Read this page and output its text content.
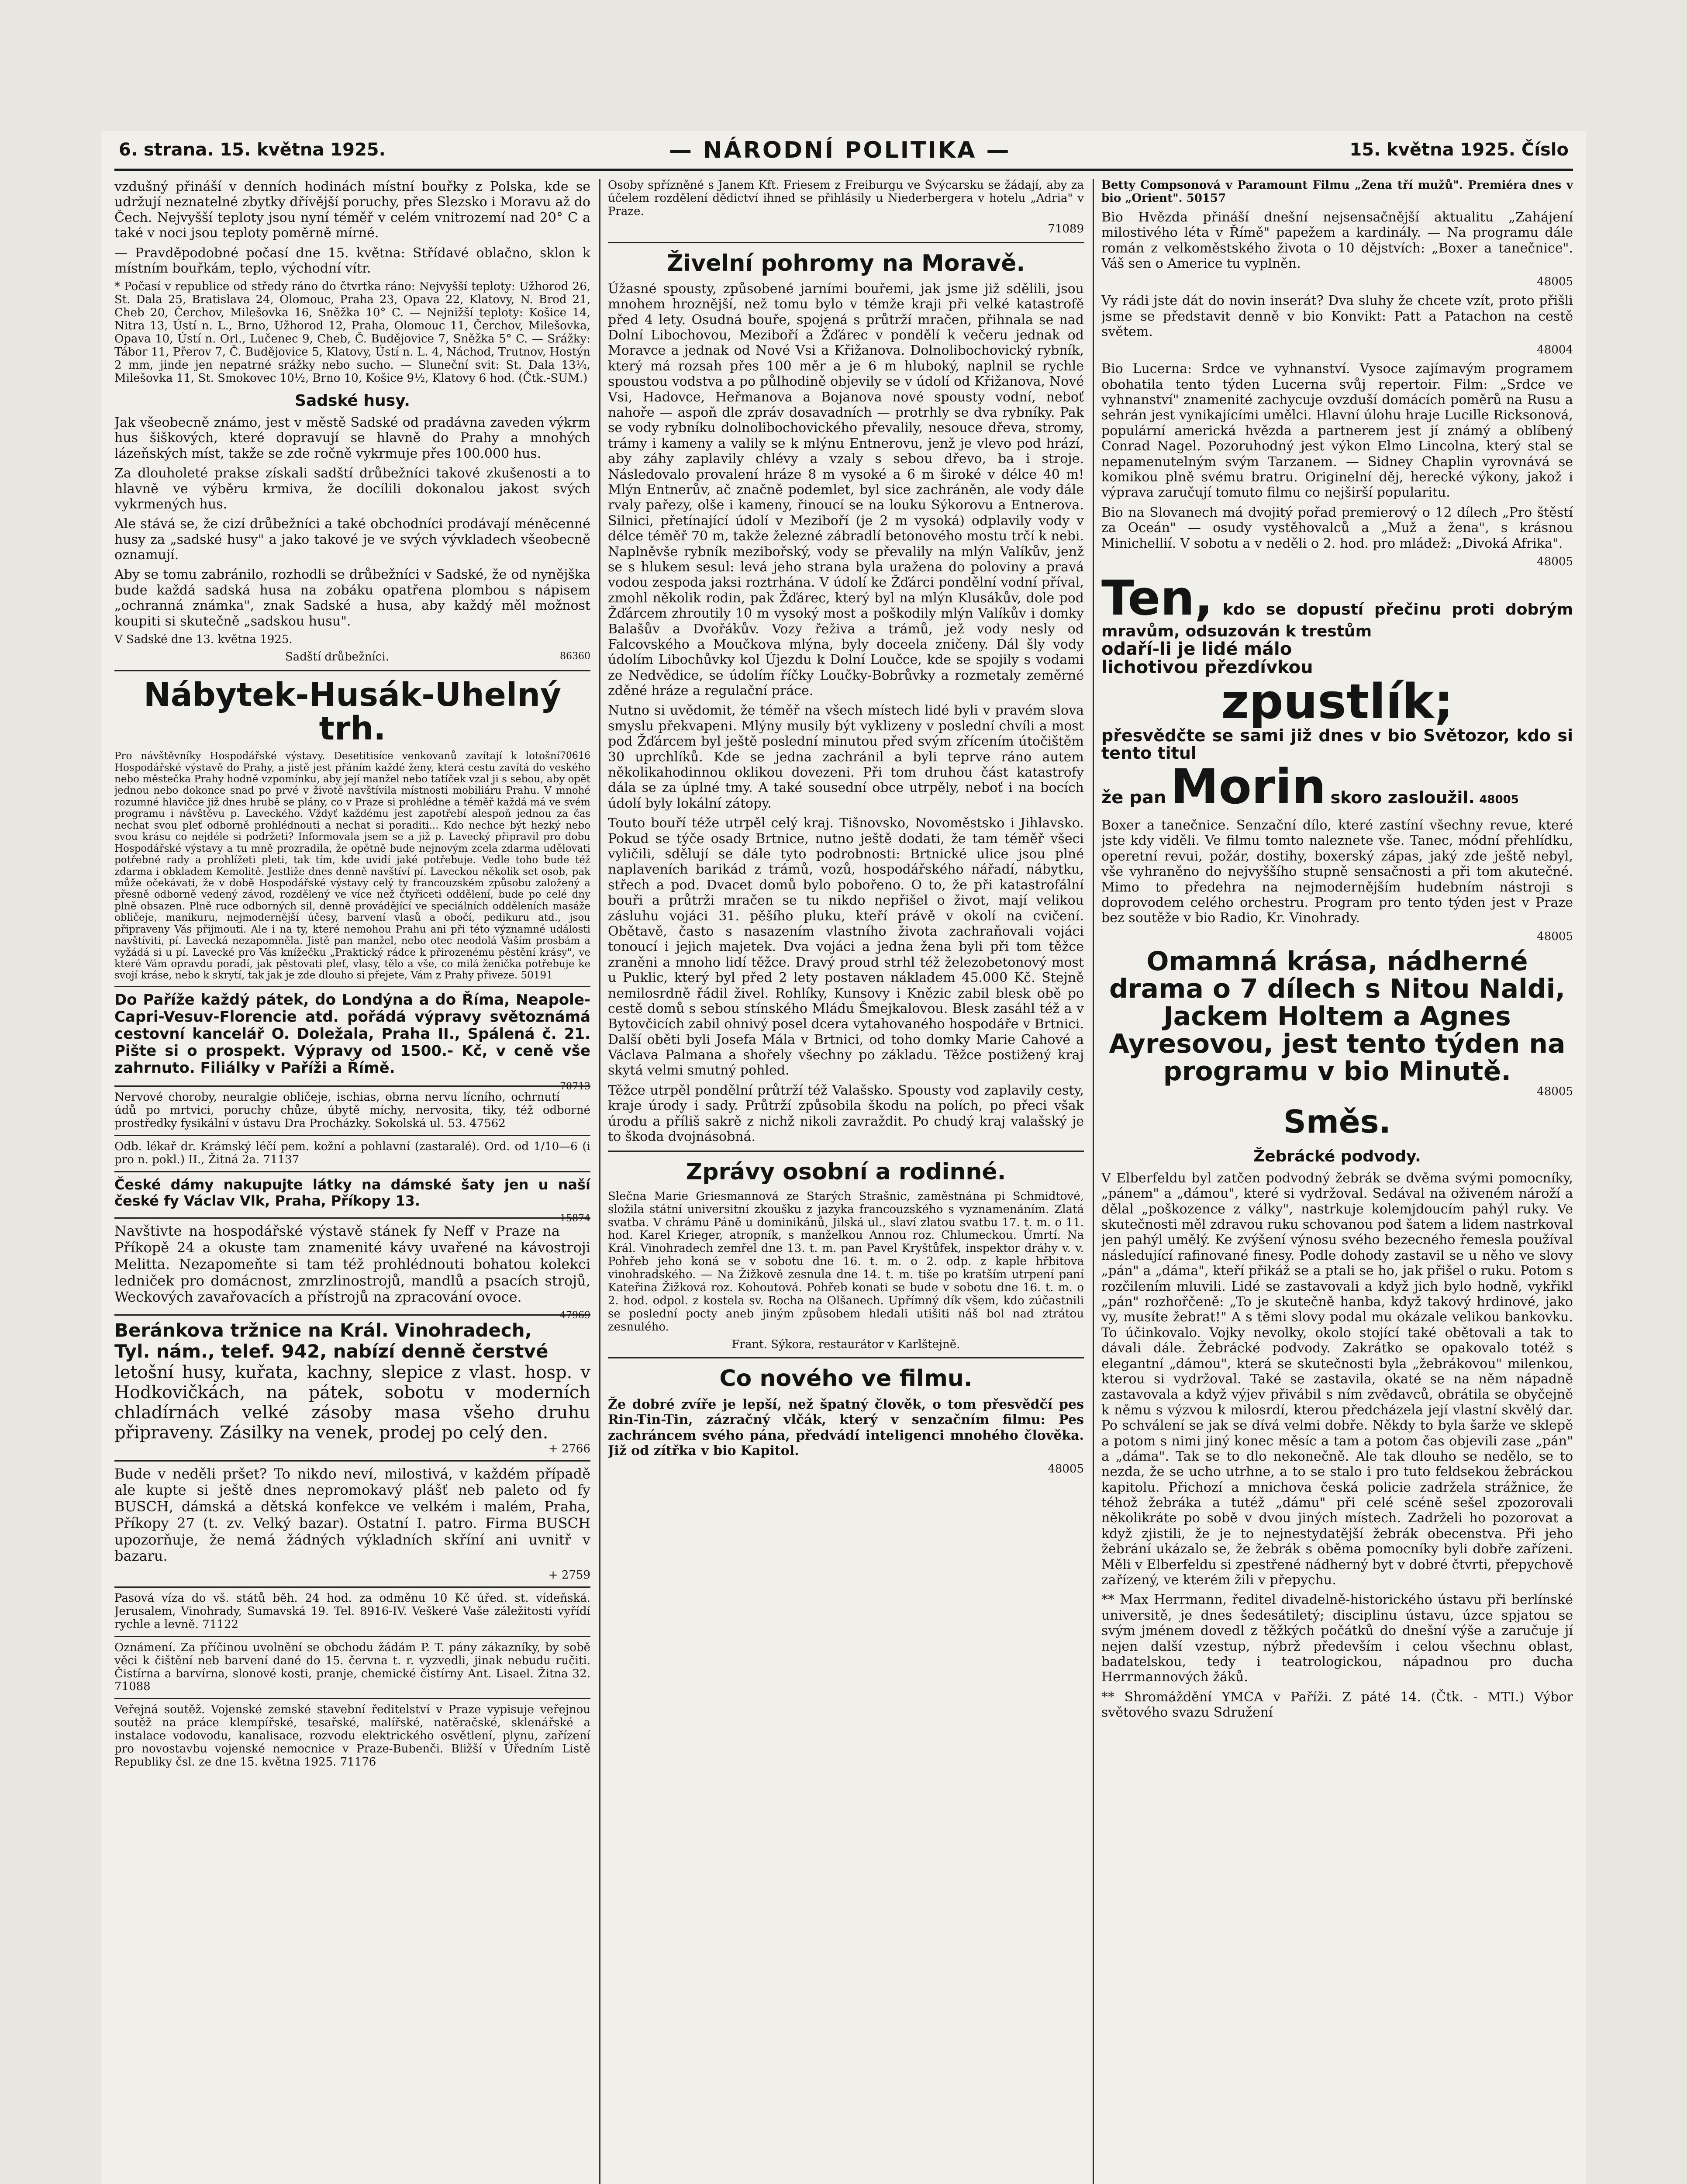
6. strana. 15. května 1925.	— NÁRODNÍ POLITIKA —	15. května 1925. Číslo

vzdušný přináší v denních hodinách místní bouřky z Polska, kde se udržují neznatelné zbytky dřívější poruchy, přes Slezsko i Moravu až do Čech. Nejvyšší teploty jsou nyní téměř v celém vnitrozemí nad 20° C a také v noci jsou teploty poměrně mírné.

— Pravděpodobné počasí dne 15. května: Střídavé oblačno, sklon k místním bouřkám, teplo, východní vítr.

* Počasí v republice od středy ráno do čtvrtka ráno: Nejvyšší teploty: Užhorod 26, St. Dala 25, Bratislava 24, Olomouc, Praha 23, Opava 22, Klatovy, N. Brod 21, Cheb 20, Čerchov, Milešovka 16, Sněžka 10° C. — Nejnižší teploty: Košice 14, Nitra 13, Ústí n. L., Brno, Užhorod 12, Praha, Olomouc 11, Čerchov, Milešovka, Opava 10, Ústí n. Orl., Lučenec 9, Cheb, Č. Budějovice 7, Sněžka 5° C. — Srážky: Tábor 11, Přerov 7, Č. Budějovice 5, Klatovy, Ústí n. L. 4, Náchod, Trutnov, Hostýn 2 mm, jinde jen nepatrné srážky nebo sucho. — Sluneční svit: St. Dala 13¼, Milešovka 11, St. Smokovec 10½, Brno 10, Košice 9½, Klatovy 6 hod. (Čtk.-SUM.)

Sadské husy.

Jak všeobecně známo, jest v městě Sadské od pradávna zaveden výkrm hus šiškových, které dopravují se hlavně do Prahy a mnohých lázeňských míst, takže se zde ročně vykrmuje přes 100.000 hus.

Za dlouholeté prakse získali sadští drůbežníci takové zkušenosti a to hlavně ve výběru krmiva, že docílili dokonalou jakost svých vykrmených hus.

Ale stává se, že cizí drůbežníci a také obchodníci prodávají méněcenné husy za „sadské husy" a jako takové je ve svých vývkladech všeobecně oznamují.

Aby se tomu zabránilo, rozhodli se drůbežníci v Sadské, že od nynějška bude každá sadská husa na zobáku opatřena plombou s nápisem „ochranná známka", znak Sadské a husa, aby každý měl možnost koupiti si skutečně „sadskou husu".

V Sadské dne 13. května 1925.

Sadští drůbežníci.	86360

Nábytek-Husák-Uhelný trh.

70616

Pro návštěvníky Hospodářské výstavy. Desetitisíce venkovanů zavítají k lotošní Hospodářské výstavě do Prahy, a jistě jest přáním každé ženy, která cestu zavítá do veského nebo městečka Prahy hodně vzpomínku, aby její manžel nebo tatíček vzal ji s sebou, aby opět jednou nebo dokonce snad po prvé v životě navštívila místnosti mobiliáru Prahu. V mnohé rozumné hlavičce již dnes hrubě se plány, co v Praze si prohlédne a téměř každá má ve svém programu i návštěvu p. Laveckého. Vždyť každému jest zapotřebí alespoň jednou za čas nechat svou pleť odborně prohlédnouti a nechat si poraditi... Kdo nechce být hezký nebo svou krásu co nejdéle si podržeti? Informovala jsem se a již p. Lavecký připravil pro dobu Hospodářské výstavy a tu mně prozradila, že opětně bude nejnovým zcela zdarma udělovati potřebné rady a prohlížeti pleti, tak tím, kde uvidí jaké potřebuje. Vedle toho bude též zdarma i obkladem Kemolitě. Jestliže dnes denně navštíví pí. Laveckou několik set osob, pak může očekávati, že v době Hospodářské výstavy celý ty francouzském způsobu založený a přesně odborně vedený závod, rozdělený ve více než čtyřiceti oddělení, bude po celé dny plně obsazen. Plně ruce odborných sil, denně provádějící ve speciálních odděleních masáže obličeje, manikuru, nejmodernější účesy, barvení vlasů a obočí, pedikuru atd., jsou připraveny Vás přijmouti. Ale i na ty, které nemohou Prahu ani při této významné události navštíviti, pí. Lavecká nezapomněla. Jistě pan manžel, nebo otec neodolá Vaším prosbám a vyžádá si u pí. Lavecké pro Vás knížečku „Praktický rádce k přirozenému pěstění krásy", ve které Vám opravdu poradí, jak pěstovati pleť, vlasy, tělo a vše, co milá ženička potřebuje ke svojí kráse, nebo k skrytí, tak jak je zde dlouho si přejete, Vám z Prahy přiveze. 50191

Do Paříže každý pátek, do Londýna a do Říma, Neapole-Capri-Vesuv-Florencie atd. pořádá výpravy světoznámá cestovní kancelář O. Doležala, Praha II., Spálená č. 21. Pište si o prospekt. Výpravy od 1500.- Kč, v ceně vše zahrnuto. Filiálky v Paříži a Římě.

70713

Nervové choroby, neuralgie obličeje, ischias, obrna nervu lícního, ochrnutí údů po mrtvici, poruchy chůze, úbytě míchy, nervosita, tiky, též odborné prostředky fysikální v ústavu Dra Procházky. Sokolská ul. 53. 47562
Odb. lékař dr. Krámský léčí pem. kožní a pohlavní (zastaralé). Ord. od 1/10—6 (i pro n. pokl.) II., Žitná 2a. 71137
České dámy nakupujte látky na dámské šaty jen u naší české fy Václav Vlk, Praha, Příkopy 13.

15874

Navštivte na hospodářské výstavě stánek fy Neff v Praze na Příkopě 24 a okuste tam znamenité kávy uvařené na kávostroji Melitta. Nezapomeňte si tam též prohlédnouti bohatou kolekci ledniček pro domácnost, zmrzlinostrojů, mandlů a psacích strojů, Weckových zavařovacích a přístrojů na zpracování ovoce.

47969

Beránkova tržnice na Král. Vinohradech,
Tyl. nám., telef. 942, nabízí denně čerstvé
letošní husy, kuřata, kachny, slepice z vlast. hosp. v Hodkovičkách, na pátek, sobotu v moderních chladírnách velké zásoby masa všeho druhu připraveny. Zásilky na venek, prodej po celý den.
+ 2766
Bude v neděli pršet? To nikdo neví, milostivá, v každém případě ale kupte si ještě dnes nepromokavý plášť neb paleto od fy BUSCH, dámská a dětská konfekce ve velkém i malém, Praha, Příkopy 27 (t. zv. Velký bazar). Ostatní I. patro. Firma BUSCH upozorňuje, že nemá žádných výkladních skříní ani uvnitř v bazaru.

+ 2759

Pasová víza do vš. států běh. 24 hod. za odměnu 10 Kč úřed. st. vídeňská. Jerusalem, Vinohrady, Sumavská 19. Tel. 8916-IV. Veškeré Vaše záležitosti vyřídí rychle a levně. 71122
Oznámení. Za příčinou uvolnění se obchodu žádám P. T. pány zákazníky, by sobě věci k čištění neb barvení dané do 15. června t. r. vyzvedli, jinak nebudu ručiti. Čistírna a barvírna, slonové kosti, pranje, chemické čistírny Ant. Lisael. Žitna 32. 71088
Veřejná soutěž. Vojenské zemské stavební ředitelství v Praze vypisuje veřejnou soutěž na práce klempířské, tesařské, malířské, natěračské, sklenářské a instalace vodovodu, kanalisace, rozvodu elektrického osvětlení, plynu, zařízení pro novostavbu vojenské nemocnice v Praze-Bubenči. Bližší v Úředním Listě Republiky čsl. ze dne 15. května 1925. 71176

Osoby spřízněné s Janem Kft. Friesem z Freiburgu ve Švýcarsku se žádají, aby za účelem rozdělení dědictví ihned se přihlásily u Niederbergera v hotelu „Adria" v Praze.

71089

Živelní pohromy na Moravě.

Úžasné spousty, způsobené jarními bouřemi, jak jsme již sdělili, jsou mnohem hroznější, než tomu bylo v témže kraji při velké katastrofě před 4 lety. Osudná bouře, spojená s průtrží mračen, přihnala se nad Dolní Libochovou, Meziboří a Žďárec v pondělí k večeru jednak od Moravce a jednak od Nové Vsi a Křižanova. Dolnolibochovický rybník, který má rozsah přes 100 měr a je 6 m hluboký, naplnil se rychle spoustou vodstva a po půlhodině objevily se v údolí od Křižanova, Nové Vsi, Hadovce, Heřmanova a Bojanova nové spousty vodní, neboť nahoře — aspoň dle zpráv dosavadních — protrhly se dva rybníky. Pak se vody rybníku dolnolibochovického převalily, nesouce dřeva, stromy, trámy i kameny a valily se k mlýnu Entnerovu, jenž je vlevo pod hrází, aby záhy zaplavily chlévy a vzaly s sebou dřevo, ba i stroje. Následovalo provalení hráze 8 m vysoké a 6 m široké v délce 40 m! Mlýn Entnerův, ač značně podemlet, byl sice zachráněn, ale vody dále rvaly pařezy, olše i kameny, řinoucí se na louku Sýkorovu a Entnerova. Silnici, přetínající údolí v Meziboří (je 2 m vysoká) odplavily vody v délce téměř 70 m, takže železné zábradlí betonového mostu trčí k nebi. Naplněvše rybník mezibořský, vody se převalily na mlýn Valíkův, jenž se s hlukem sesul: levá jeho strana byla uražena do poloviny a pravá vodou zespoda jaksi roztrhána. V údolí ke Žďárci pondělní vodní příval, zmohl několik rodin, pak Žďárec, který byl na mlýn Klusákův, dole pod Žďárcem zhroutily 10 m vysoký most a poškodily mlýn Valíkův i domky Balašův a Dvořákův. Vozy řeživa a trámů, jež vody nesly od Falcovského a Moučkova mlýna, byly doceela zničeny. Dál šly vody údolím Libochůvky kol Újezdu k Dolní Loučce, kde se spojily s vodami ze Nedvědice, se údolím říčky Loučky-Bobrůvky a rozmetaly zeměrné zděné hráze a regulační práce.

Nutno si uvědomit, že téměř na všech místech lidé byli v pravém slova smyslu překvapeni. Mlýny musily být vyklizeny v poslední chvíli a most pod Žďárcem byl ještě poslední minutou před svým zřícením útočištěm 30 uprchlíků. Kde se jedna zachránil a byli teprve ráno autem několikahodinnou oklikou dovezeni. Při tom druhou část katastrofy dála se za úplné tmy. A také sousední obce utrpěly, neboť i na bocích údolí byly lokální zátopy.

Touto bouří téže utrpěl celý kraj. Tišnovsko, Novoměstsko i Jihlavsko. Pokud se týče osady Brtnice, nutno ještě dodati, že tam téměř všeci vyličili, sdělují se dále tyto podrobnosti: Brtnické ulice jsou plné naplaveních barikád z trámů, vozů, hospodářského nářadí, nábytku, střech a pod. Dvacet domů bylo pobořeno. O to, že při katastrofální bouři a průtrži mračen se tu nikdo nepřišel o život, mají velikou zásluhu vojáci 31. pěšího pluku, kteří právě v okolí na cvičení. Obětavě, často s nasazením vlastního života zachraňovali vojáci tonoucí i jejich majetek. Dva vojáci a jedna žena byli při tom těžce zraněni a mnoho lidí těžce. Dravý proud strhl též železobetonový most u Puklic, který byl před 2 lety postaven nákladem 45.000 Kč. Stejně nemilosrdně řádil živel. Rohlíky, Kunsovy i Knězic zabil blesk obě po cestě domů s sebou stínského Mládu Šmejkalovou. Blesk zasáhl též a v Bytovčicích zabil ohnivý posel dcera vytahovaného hospodáře v Brtnici. Další oběti byli Josefa Mála v Brtnici, od toho domky Marie Cahové a Václava Palmana a shořely všechny po základu. Těžce postižený kraj skytá velmi smutný pohled.

Těžce utrpěl pondělní průtrží též Valašsko. Spousty vod zaplavily cesty, kraje úrody i sady. Průtrží způsobila škodu na polích, po přeci však úrodu a příliš sakrě z nichž nikoli zavraždit. Po chudý kraj valašský je to škoda dvojnásobná.

Zprávy osobní a rodinné.

Slečna Marie Griesmannová ze Starých Strašnic, zaměstnána pi Schmidtové, složila státní universitní zkoušku z jazyka francouzského s vyznamenáním. Zlatá svatba. V chrámu Páně u dominikánů, Jilská ul., slaví zlatou svatbu 17. t. m. o 11. hod. Karel Krieger, atropník, s manželkou Annou roz. Chlumeckou. Úmrtí. Na Král. Vinohradech zemřel dne 13. t. m. pan Pavel Kryštůfek, inspektor dráhy v. v. Pohřeb jeho koná se v sobotu dne 16. t. m. o 2. odp. z kaple hřbitova vinohradského. — Na Žižkově zesnula dne 14. t. m. tiše po kratším utrpení paní Kateřina Žižková roz. Kohoutová. Pohřeb konati se bude v sobotu dne 16. t. m. o 2. hod. odpol. z kostela sv. Rocha na Olšanech. Upřímný dík všem, kdo zúčastnili se poslední pocty aneb jiným způsobem hledali utišiti náš bol nad ztrátou zesnulého.

Frant. Sýkora, restaurátor v Karlštejně.

Co nového ve filmu.

Že dobré zvíře je lepší, než špatný člověk, o tom přesvědčí pes Rin-Tin-Tin, zázračný vlčák, který v senzačním filmu: Pes zachráncem svého pána, předvádí inteligenci mnohého člověka. Již od zítřka v bio Kapitol.

48005

Betty Compsonová v Paramount Filmu „Žena tří mužů". Premiéra dnes v bio „Orient". 50157

Bio Hvězda přináší dnešní nejsensačnější aktualitu „Zahájení milostivého léta v Římě" papežem a kardinály. — Na programu dále román z velkoměstského života o 10 dějstvích: „Boxer a tanečnice". Váš sen o Americe tu vyplněn.

48005

Vy rádi jste dát do novin inserát? Dva sluhy že chcete vzít, proto přišli jsme se představit denně v bio Konvikt: Patt a Patachon na cestě světem.

48004

Bio Lucerna: Srdce ve vyhnanství. Vysoce zajímavým programem obohatila tento týden Lucerna svůj repertoir. Film: „Srdce ve vyhnanství" znamenité zachycuje ovzduší domácích poměrů na Rusu a sehrán jest vynikajícími umělci. Hlavní úlohu hraje Lucille Ricksonová, populární americká hvězda a partnerem jest jí známý a oblíbený Conrad Nagel. Pozoruhodný jest výkon Elmo Lincolna, který stal se nepamenutelným svým Tarzanem. — Sidney Chaplin vyrovnává se komikou plně svému bratru. Originelní děj, herecké výkony, jakož i výprava zaručují tomuto filmu co nejširší popularitu.

Bio na Slovanech má dvojitý pořad premierový o 12 dílech „Pro štěstí za Oceán" — osudy vystěhovalců a „Muž a žena", s krásnou Minichellií. V sobotu a v neděli o 2. hod. pro mládež: „Divoká Afrika".

48005

Ten, kdo se dopustí přečinu proti dobrým mravům, odsuzován k trestům
odaří-li je lidé málo
lichotivou přezdívkou
zpustlík;
přesvědčte se sami již dnes v bio Světozor, kdo si tento titul
že pan Morin skoro zasloužil. 48005

Boxer a tanečnice. Senzační dílo, které zastíní všechny revue, které jste kdy viděli. Ve filmu tomto naleznete vše. Tanec, módní přehlídku, operetní revui, požár, dostihy, boxerský zápas, jaký zde ještě nebyl, vše vyhraněno do nejvyššího stupně sensačnosti a při tom akutečné. Mimo to předehra na nejmodernějším hudebním nástroji s doprovodem celého orchestru. Program pro tento týden jest v Praze bez soutěže v bio Radio, Kr. Vinohrady.

48005

Omamná krása, nádherné drama o 7 dílech s Nitou Naldi, Jackem Holtem a Agnes Ayresovou, jest tento týden na programu v bio Minutě.

48005

Směs.
Žebrácké podvody.

V Elberfeldu byl zatčen podvodný žebrák se dvěma svými pomocníky, „pánem" a „dámou", které si vydržoval. Sedával na oživeném nároží a dělal „poškozence z války", nastrkuje kolemjdoucím pahýl ruky. Ve skutečnosti měl zdravou ruku schovanou pod šatem a lidem nastrkoval jen pahýl umělý. Ke zvýšení výnosu svého bezecného řemesla používal následující rafinované finesy. Podle dohody zastavil se u něho ve slovy „pán" a „dáma", kteří přikáž se a ptali se ho, jak přišel o ruku. Potom s rozčilením mluvili. Lidé se zastavovali a když jich bylo hodně, vykřikl „pán" rozhořčeně: „To je skutečně hanba, když takový hrdinové, jako vy, musíte žebrat!" A s těmi slovy podal mu okázale velikou bankovku. To účinkovalo. Vojky nevolky, okolo stojící také obětovali a tak to dávali dále. Žebrácké podvody. Zakrátko se opakovalo totéž s elegantní „dámou", která se skutečnosti byla „žebrákovou" milenkou, kterou si vydržoval. Také se zastavila, okaté se na něm nápadně zastavovala a když výjev přivábil s ním zvědavců, obrátila se obyčejně k němu s výzvou k milosrdí, kterou předcházela její vlastní skvělý dar. Po schválení se jak se dívá velmi dobře. Někdy to byla šarže ve sklepě a potom s nimi jiný konec měsíc a tam a potom čas objevili zase „pán" a „dáma". Tak se to dlo nekonečně. Ale tak dlouho se nedělo, se to nezda, že se ucho utrhne, a to se stalo i pro tuto feldsekou žebráckou kapitolu. Přichozí a mnichova česká policie zadržela strážnice, že téhož žebráka a tutéž „dámu" při celé scéně sešel zpozorovali několikráte po sobě v dvou jiných místech. Zadrželi ho pozorovat a když zjistili, že je to nejnestydatější žebrák obecenstva. Při jeho žebrání ukázalo se, že žebrák s oběma pomocníky byli dobře zařízeni. Měli v Elberfeldu si zpestřené nádherný byt v dobré čtvrti, přepychově zařízený, ve kterém žili v přepychu.

** Max Herrmann, ředitel divadelně-historického ústavu při berlínské universitě, je dnes šedesátiletý; disciplinu ústavu, úzce spjatou se svým jménem dovedl z těžkých počátků do dnešní výše a zaručuje jí nejen další vzestup, nýbrž především i celou všechnu oblast, badatelskou, tedy i teatrologickou, nápadnou pro ducha Herrmannových žáků.

** Shromáždění YMCA v Paříži. Z páté 14. (Čtk. - MTI.) Výbor světového svazu Sdružení
